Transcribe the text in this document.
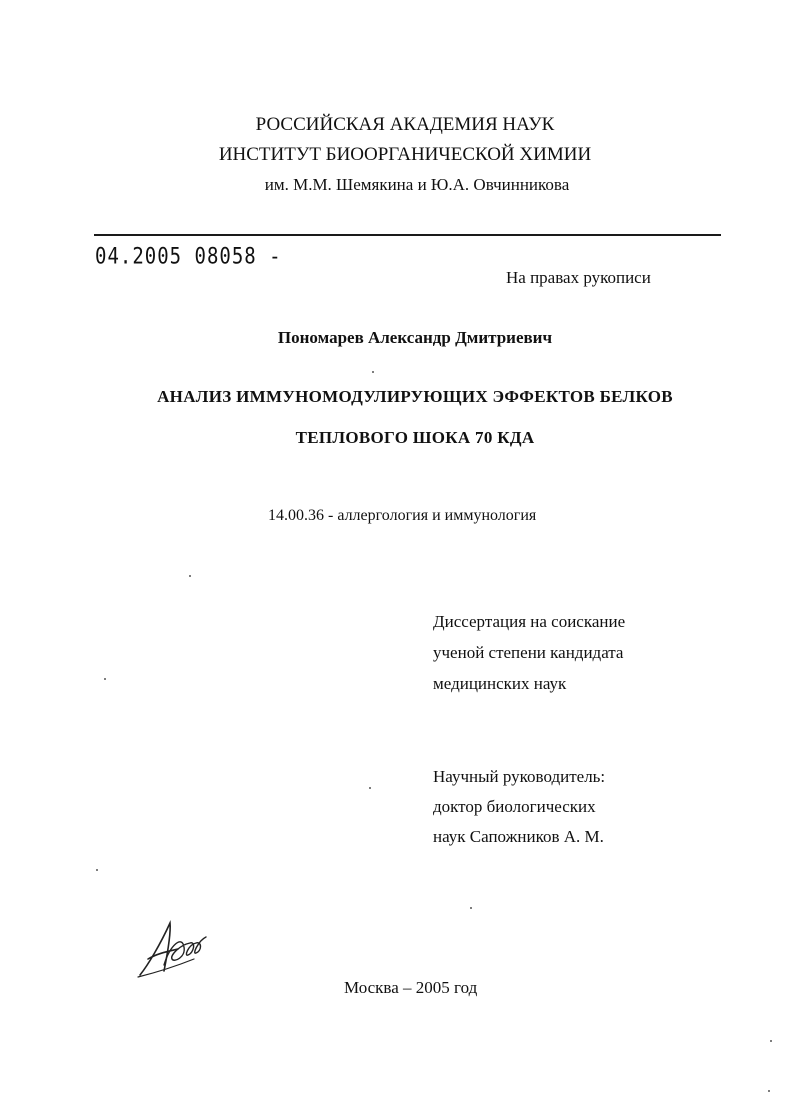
РОССИЙСКАЯ АКАДЕМИЯ НАУК

ИНСТИТУТ БИООРГАНИЧЕСКОЙ ХИМИИ

им. М.М. Шемякина и Ю.А. Овчинникова

04.2005 08058 -

На правах рукописи

Пономарев Александр Дмитриевич

АНАЛИЗ ИММУНОМОДУЛИРУЮЩИХ ЭФФЕКТОВ БЕЛКОВ

ТЕПЛОВОГО ШОКА 70 КДА

14.00.36 - аллергология и иммунология

Диссертация на соискание

ученой степени кандидата

медицинских наук

Научный руководитель:

доктор биологических

наук Сапожников А. М.

Москва – 2005 год
